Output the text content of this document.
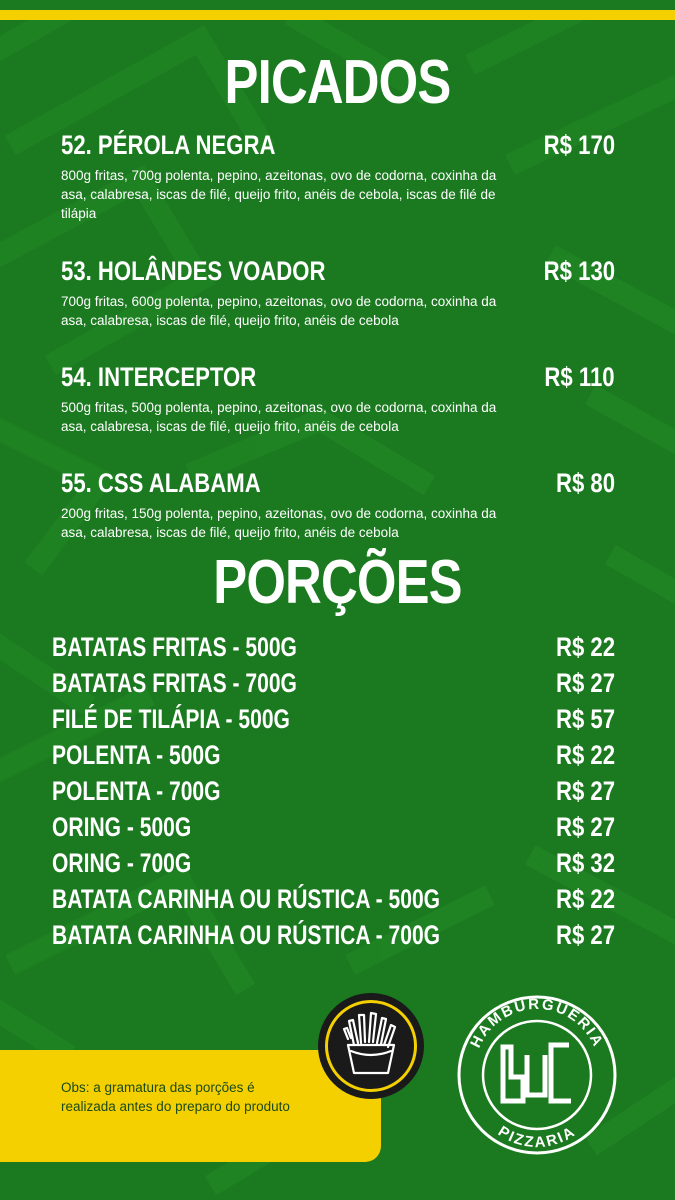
PICADOS
52. PÉROLA NEGRA	R$ 170
800g fritas, 700g polenta, pepino, azeitonas, ovo de codorna, coxinha da asa, calabresa, iscas de filé, queijo frito, anéis de cebola, iscas de filé de tilápia
53. HOLÂNDES VOADOR	R$ 130
700g fritas, 600g polenta, pepino, azeitonas, ovo de codorna, coxinha da asa, calabresa, iscas de filé, queijo frito, anéis de cebola
54. INTERCEPTOR	R$ 110
500g fritas, 500g polenta, pepino, azeitonas, ovo de codorna, coxinha da asa, calabresa, iscas de filé, queijo frito, anéis de cebola
55. CSS ALABAMA	R$ 80
200g fritas, 150g polenta, pepino, azeitonas, ovo de codorna, coxinha da asa, calabresa, iscas de filé, queijo frito, anéis de cebola
PORÇÕES
BATATAS FRITAS - 500G	R$ 22
BATATAS FRITAS - 700G	R$ 27
FILÉ DE TILÁPIA - 500G	R$ 57
POLENTA - 500G	R$ 22
POLENTA - 700G	R$ 27
ORING - 500G	R$ 27
ORING - 700G	R$ 32
BATATA CARINHA OU RÚSTICA - 500G	R$ 22
BATATA CARINHA OU RÚSTICA - 700G	R$ 27
Obs: a gramatura das porções é realizada antes do preparo do produto
HAMBURGUERIA
PIZZARIA
